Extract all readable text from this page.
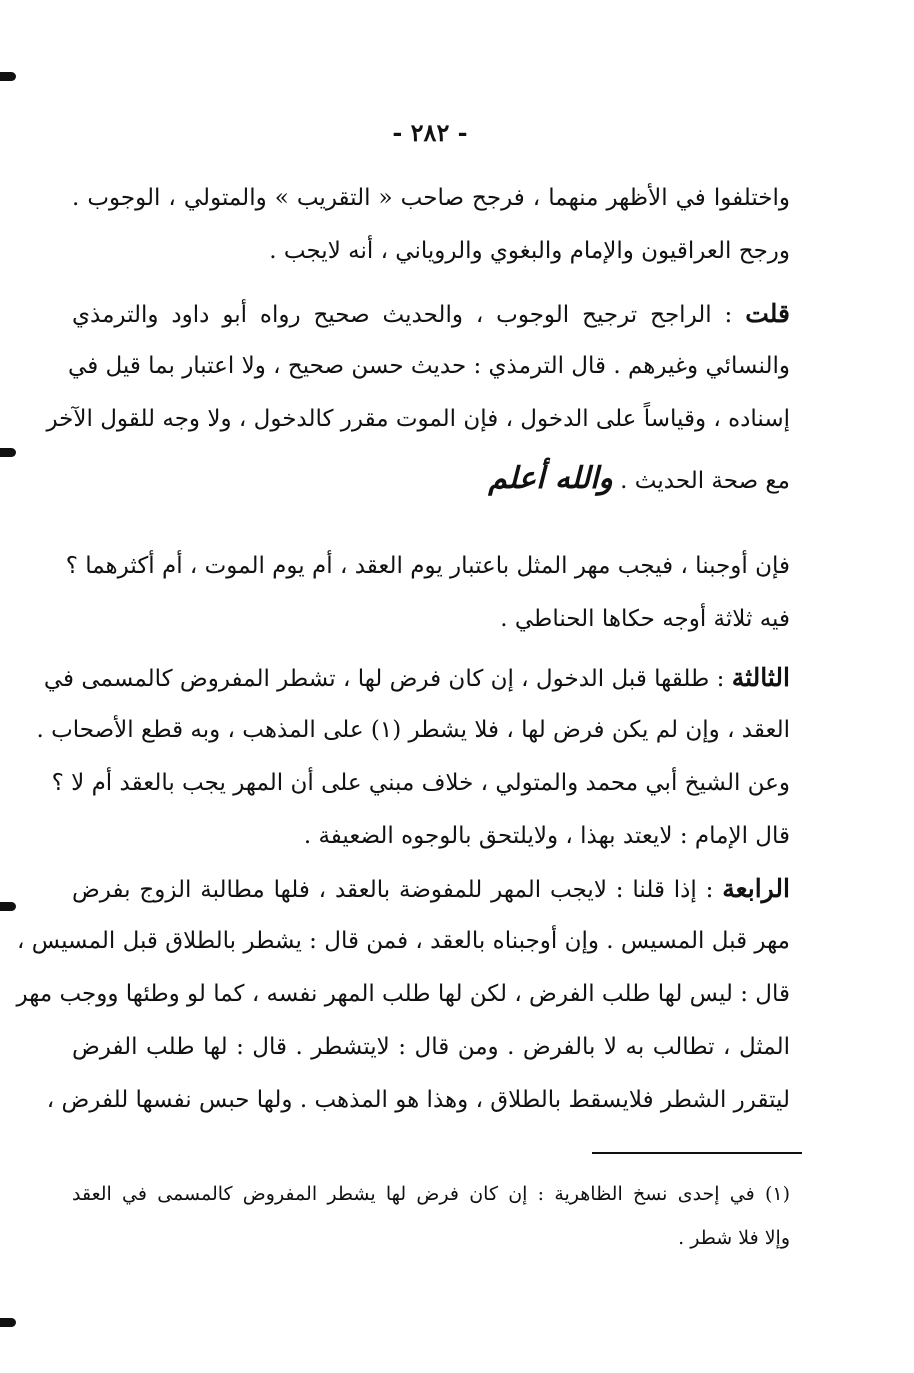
- ٢٨٢ -
واختلفوا في الأظهر منهما ، فرجح صاحب « التقريب » والمتولي ، الوجوب .
ورجح العراقيون والإمام والبغوي والروياني ، أنه لايجب .
قلت : الراجح ترجيح الوجوب ، والحديث صحيح رواه أبو داود والترمذي
والنسائي وغيرهم . قال الترمذي : حديث حسن صحيح ، ولا اعتبار بما قيل في
إسناده ، وقياساً على الدخول ، فإن الموت مقرر كالدخول ، ولا وجه للقول الآخر
مع صحة الحديث . والله أعلم
فإن أوجبنا ، فيجب مهر المثل باعتبار يوم العقد ، أم يوم الموت ، أم أكثرهما ؟
فيه ثلاثة أوجه حكاها الحناطي .
الثالثة : طلقها قبل الدخول ، إن كان فرض لها ، تشطر المفروض كالمسمى في
العقد ، وإن لم يكن فرض لها ، فلا يشطر (١) على المذهب ، وبه قطع الأصحاب .
وعن الشيخ أبي محمد والمتولي ، خلاف مبني على أن المهر يجب بالعقد أم لا ؟
قال الإمام : لايعتد بهذا ، ولايلتحق بالوجوه الضعيفة .
الرابعة : إذا قلنا : لايجب المهر للمفوضة بالعقد ، فلها مطالبة الزوج بفرض
مهر قبل المسيس . وإن أوجبناه بالعقد ، فمن قال : يشطر بالطلاق قبل المسيس ،
قال : ليس لها طلب الفرض ، لكن لها طلب المهر نفسه ، كما لو وطئها ووجب مهر
المثل ، تطالب به لا بالفرض . ومن قال : لايتشطر . قال : لها طلب الفرض
ليتقرر الشطر فلايسقط بالطلاق ، وهذا هو المذهب . ولها حبس نفسها للفرض ،
(١) في إحدى نسخ الظاهرية : إن كان فرض لها يشطر المفروض كالمسمى في العقد
وإلا فلا شطر .
